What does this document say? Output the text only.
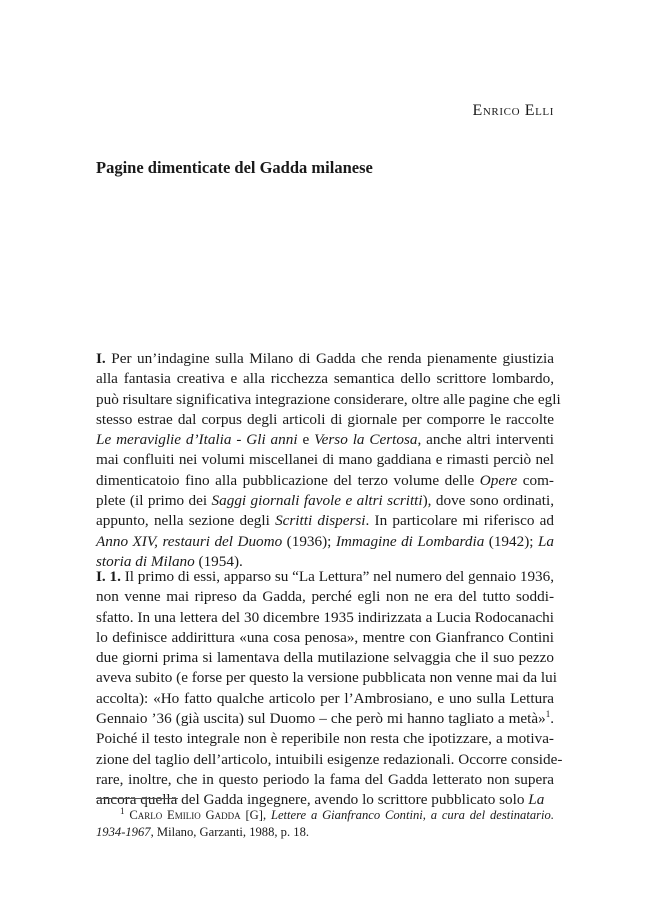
Enrico Elli
Pagine dimenticate del Gadda milanese
I. Per un’indagine sulla Milano di Gadda che renda pienamente giustizia
alla fantasia creativa e alla ricchezza semantica dello scrittore lombardo,
può risultare significativa integrazione considerare, oltre alle pagine che egli
stesso estrae dal corpus degli articoli di giornale per comporre le raccolte
Le meraviglie d’Italia - Gli anni e Verso la Certosa, anche altri interventi
mai confluiti nei volumi miscellanei di mano gaddiana e rimasti perciò nel
dimenticatoio fino alla pubblicazione del terzo volume delle Opere com-
plete (il primo dei Saggi giornali favole e altri scritti), dove sono ordinati,
appunto, nella sezione degli Scritti dispersi. In particolare mi riferisco ad
Anno XIV, restauri del Duomo (1936); Immagine di Lombardia (1942); La
storia di Milano (1954).
I. 1. Il primo di essi, apparso su “La Lettura” nel numero del gennaio 1936,
non venne mai ripreso da Gadda, perché egli non ne era del tutto soddi-
sfatto. In una lettera del 30 dicembre 1935 indirizzata a Lucia Rodocanachi
lo definisce addirittura «una cosa penosa», mentre con Gianfranco Contini
due giorni prima si lamentava della mutilazione selvaggia che il suo pezzo
aveva subito (e forse per questo la versione pubblicata non venne mai da lui
accolta): «Ho fatto qualche articolo per l’Ambrosiano, e uno sulla Lettura
Gennaio ’36 (già uscita) sul Duomo – che però mi hanno tagliato a metà»$^1$.
Poiché il testo integrale non è reperibile non resta che ipotizzare, a motiva-
zione del taglio dell’articolo, intuibili esigenze redazionali. Occorre conside-
rare, inoltre, che in questo periodo la fama del Gadda letterato non supera
ancora quella del Gadda ingegnere, avendo lo scrittore pubblicato solo La
$^1$ Carlo Emilio Gadda [G], Lettere a Gianfranco Contini, a cura del destinatario.
1934-1967, Milano, Garzanti, 1988, p. 18.
